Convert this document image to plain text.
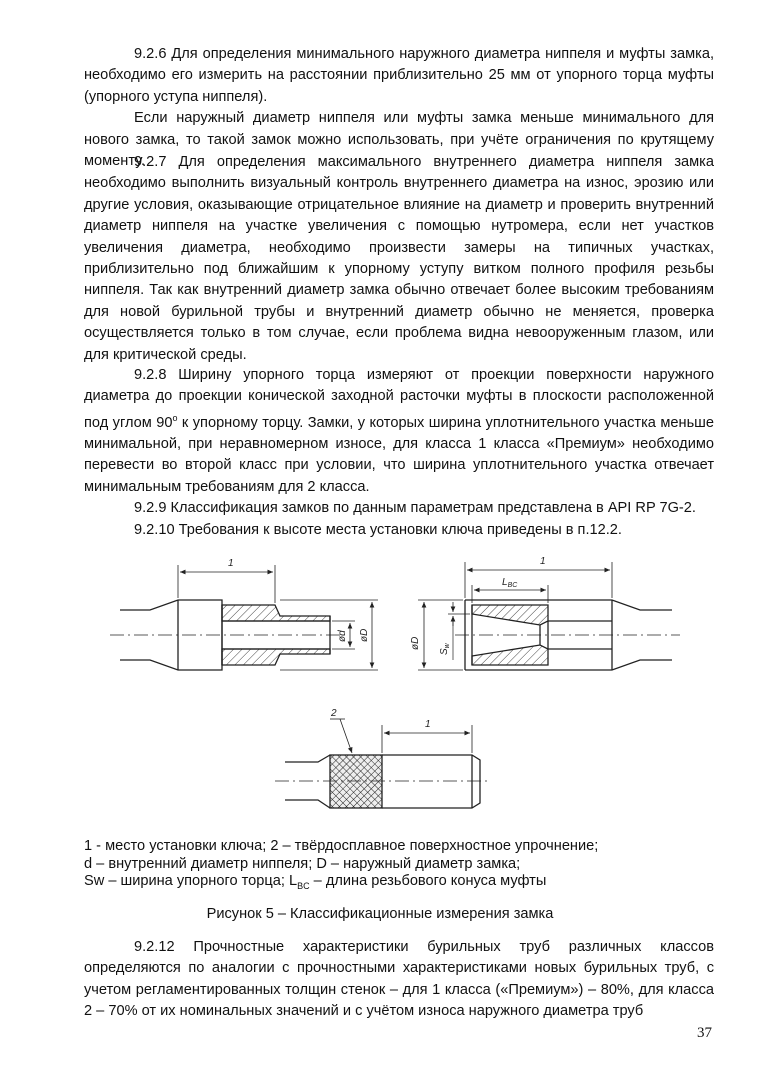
9.2.6 Для определения минимального наружного диаметра ниппеля и муфты замка, необходимо его измерить на расстоянии приблизительно 25 мм от упорного торца муфты (упорного уступа ниппеля).

Если наружный диаметр ниппеля или муфты замка меньше минимального для нового замка, то такой замок можно использовать, при учёте ограничения по крутящему моменту.

9.2.7 Для определения максимального внутреннего диаметра ниппеля замка необходимо выполнить визуальный контроль внутреннего диаметра на износ, эрозию или другие условия, оказывающие отрицательное влияние на диаметр и проверить внутренний диаметр ниппеля на участке увеличения с помощью нутромера, если нет участков увеличения диаметра, необходимо произвести замеры на типичных участках, приблизительно под ближайшим к упорному уступу витком полного профиля резьбы ниппеля. Так как внутренний диаметр замка обычно отвечает более высоким требованиям для новой бурильной трубы и внутренний диаметр обычно не меняется, проверка осуществляется только в том случае, если проблема видна невооруженным глазом, или для критической среды.

9.2.8 Ширину упорного торца измеряют от проекции поверхности наружного диаметра до проекции конической заходной расточки муфты в плоскости расположенной под углом $90^о$ к упорному торцу. Замки, у которых ширина уплотнительного участка меньше минимальной, при неравномерном износе, для класса 1 класса «Премиум» необходимо перевести во второй класс при условии, что ширина уплотнительного участка отвечает минимальным требованиям для 2 класса.

9.2.9 Классификация замков по данным параметрам представлена в API RP 7G-2.

9.2.10 Требования к высоте места установки ключа приведены в п.12.2.

1
ød øD
1
$L_{BC}$
øD
$S_w$
1
2
1 - место установки ключа; 2 – твёрдосплавное поверхностное упрочнение;
d – внутренний диаметр ниппеля; D – наружный диаметр замка;
Sw – ширина упорного торца; $L_{BC}$ – длина резьбового конуса муфты
Рисунок 5 – Классификационные измерения замка

9.2.12 Прочностные характеристики бурильных труб различных классов определяются по аналогии с прочностными характеристиками новых бурильных труб, с учетом регламентированных толщин стенок – для 1 класса («Премиум») – 80%, для класса 2 – 70% от их номинальных значений и с учётом износа наружного диаметра труб

37
